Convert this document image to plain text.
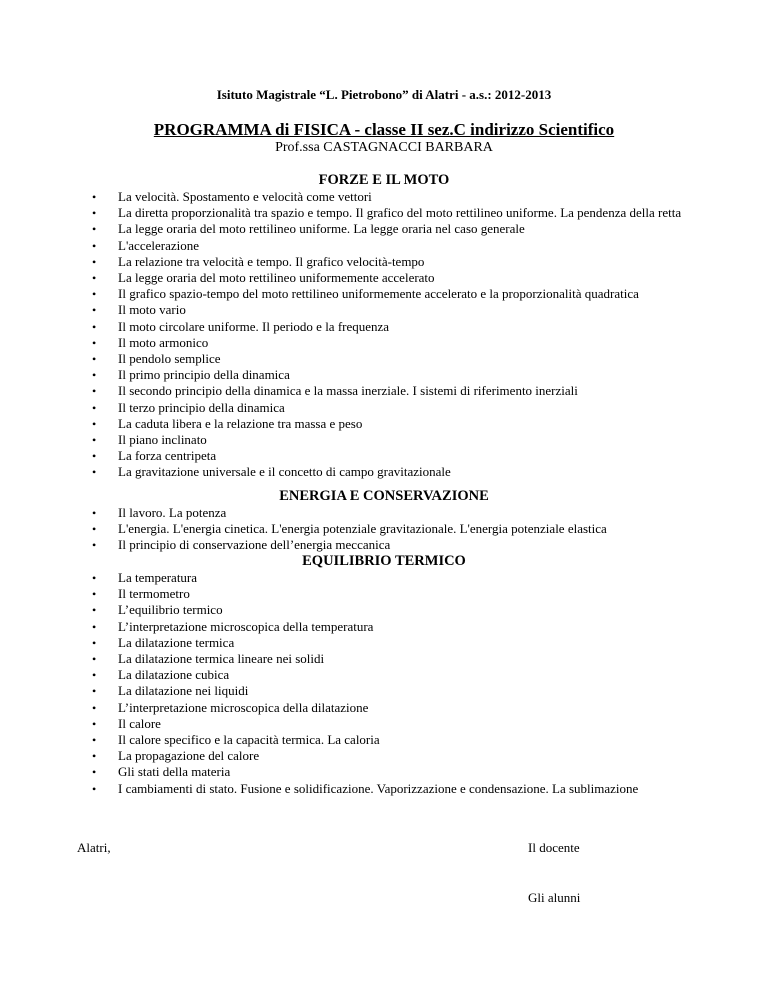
Isituto Magistrale “L. Pietrobono” di Alatri - a.s.: 2012-2013
PROGRAMMA di FISICA - classe II sez.C indirizzo Scientifico
Prof.ssa CASTAGNACCI BARBARA
FORZE E IL MOTO
• La velocità. Spostamento e velocità come vettori
• La diretta proporzionalità tra spazio e tempo. Il grafico del moto rettilineo uniforme. La pendenza della retta
• La legge oraria del moto rettilineo uniforme. La legge oraria nel caso generale
• L'accelerazione
• La relazione tra velocità e tempo. Il grafico velocità-tempo
• La legge oraria del moto rettilineo uniformemente accelerato
• Il grafico spazio-tempo del moto rettilineo uniformemente accelerato e la proporzionalità quadratica
• Il moto vario
• Il moto circolare uniforme. Il periodo e la frequenza
• Il moto armonico
• Il pendolo semplice
• Il primo principio della dinamica
• Il secondo principio della dinamica e la massa inerziale. I sistemi di riferimento inerziali
• Il terzo principio della dinamica
• La caduta libera e la relazione tra massa e peso
• Il piano inclinato
• La forza centripeta
• La gravitazione universale e il concetto di campo gravitazionale
ENERGIA E CONSERVAZIONE
• Il lavoro. La potenza
• L'energia. L'energia cinetica. L'energia potenziale gravitazionale. L'energia potenziale elastica
• Il principio di conservazione dell’energia meccanica
EQUILIBRIO TERMICO
• La temperatura
• Il termometro
• L’equilibrio termico
• L’interpretazione microscopica della temperatura
• La dilatazione termica
• La dilatazione termica lineare nei solidi
• La dilatazione cubica
• La dilatazione nei liquidi
• L’interpretazione microscopica della dilatazione
• Il calore
• Il calore specifico e la capacità termica. La caloria
• La propagazione del calore
• Gli stati della materia
• I cambiamenti di stato. Fusione e solidificazione. Vaporizzazione e condensazione. La sublimazione
Alatri,	Il docente
Gli alunni
